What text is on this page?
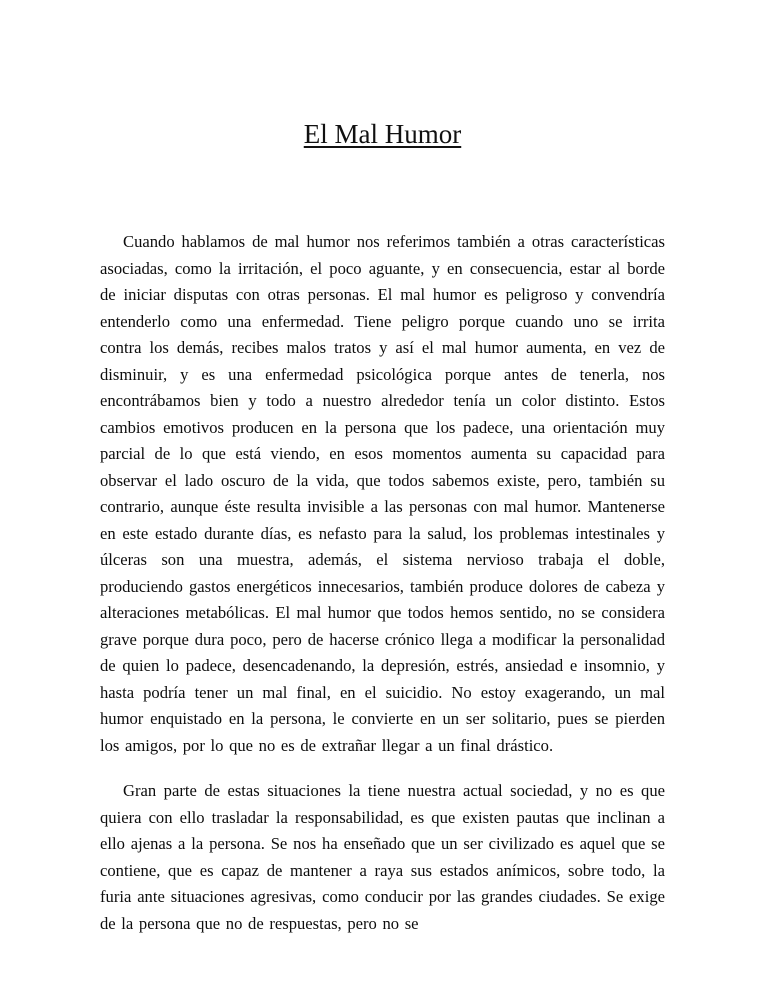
El Mal Humor

Cuando hablamos de mal humor nos referimos también a otras características asociadas, como la irritación, el poco aguante, y en consecuencia, estar al borde de iniciar disputas con otras personas. El mal humor es peligroso y convendría entenderlo como una enfermedad. Tiene peligro porque cuando uno se irrita contra los demás, recibes malos tratos y así el mal humor aumenta, en vez de disminuir, y es una enfermedad psicológica porque antes de tenerla, nos encontrábamos bien y todo a nuestro alrededor tenía un color distinto. Estos cambios emotivos producen en la persona que los padece, una orientación muy parcial de lo que está viendo, en esos momentos aumenta su capacidad para observar el lado oscuro de la vida, que todos sabemos existe, pero, también su contrario, aunque éste resulta invisible a las personas con mal humor. Mantenerse en este estado durante días, es nefasto para la salud, los problemas intestinales y úlceras son una muestra, además, el sistema nervioso trabaja el doble, produciendo gastos energéticos innecesarios, también produce dolores de cabeza y alteraciones metabólicas. El mal humor que todos hemos sentido, no se considera grave porque dura poco, pero de hacerse crónico llega a modificar la personalidad de quien lo padece, desencadenando, la depresión, estrés, ansiedad e insomnio, y hasta podría tener un mal final, en el suicidio. No estoy exagerando, un mal humor enquistado en la persona, le convierte en un ser solitario, pues se pierden los amigos, por lo que no es de extrañar llegar a un final drástico.

Gran parte de estas situaciones la tiene nuestra actual sociedad, y no es que quiera con ello trasladar la responsabilidad, es que existen pautas que inclinan a ello ajenas a la persona. Se nos ha enseñado que un ser civilizado es aquel que se contiene, que es capaz de mantener a raya sus estados anímicos, sobre todo, la furia ante situaciones agresivas, como conducir por las grandes ciudades. Se exige de la persona que no de respuestas, pero no se
